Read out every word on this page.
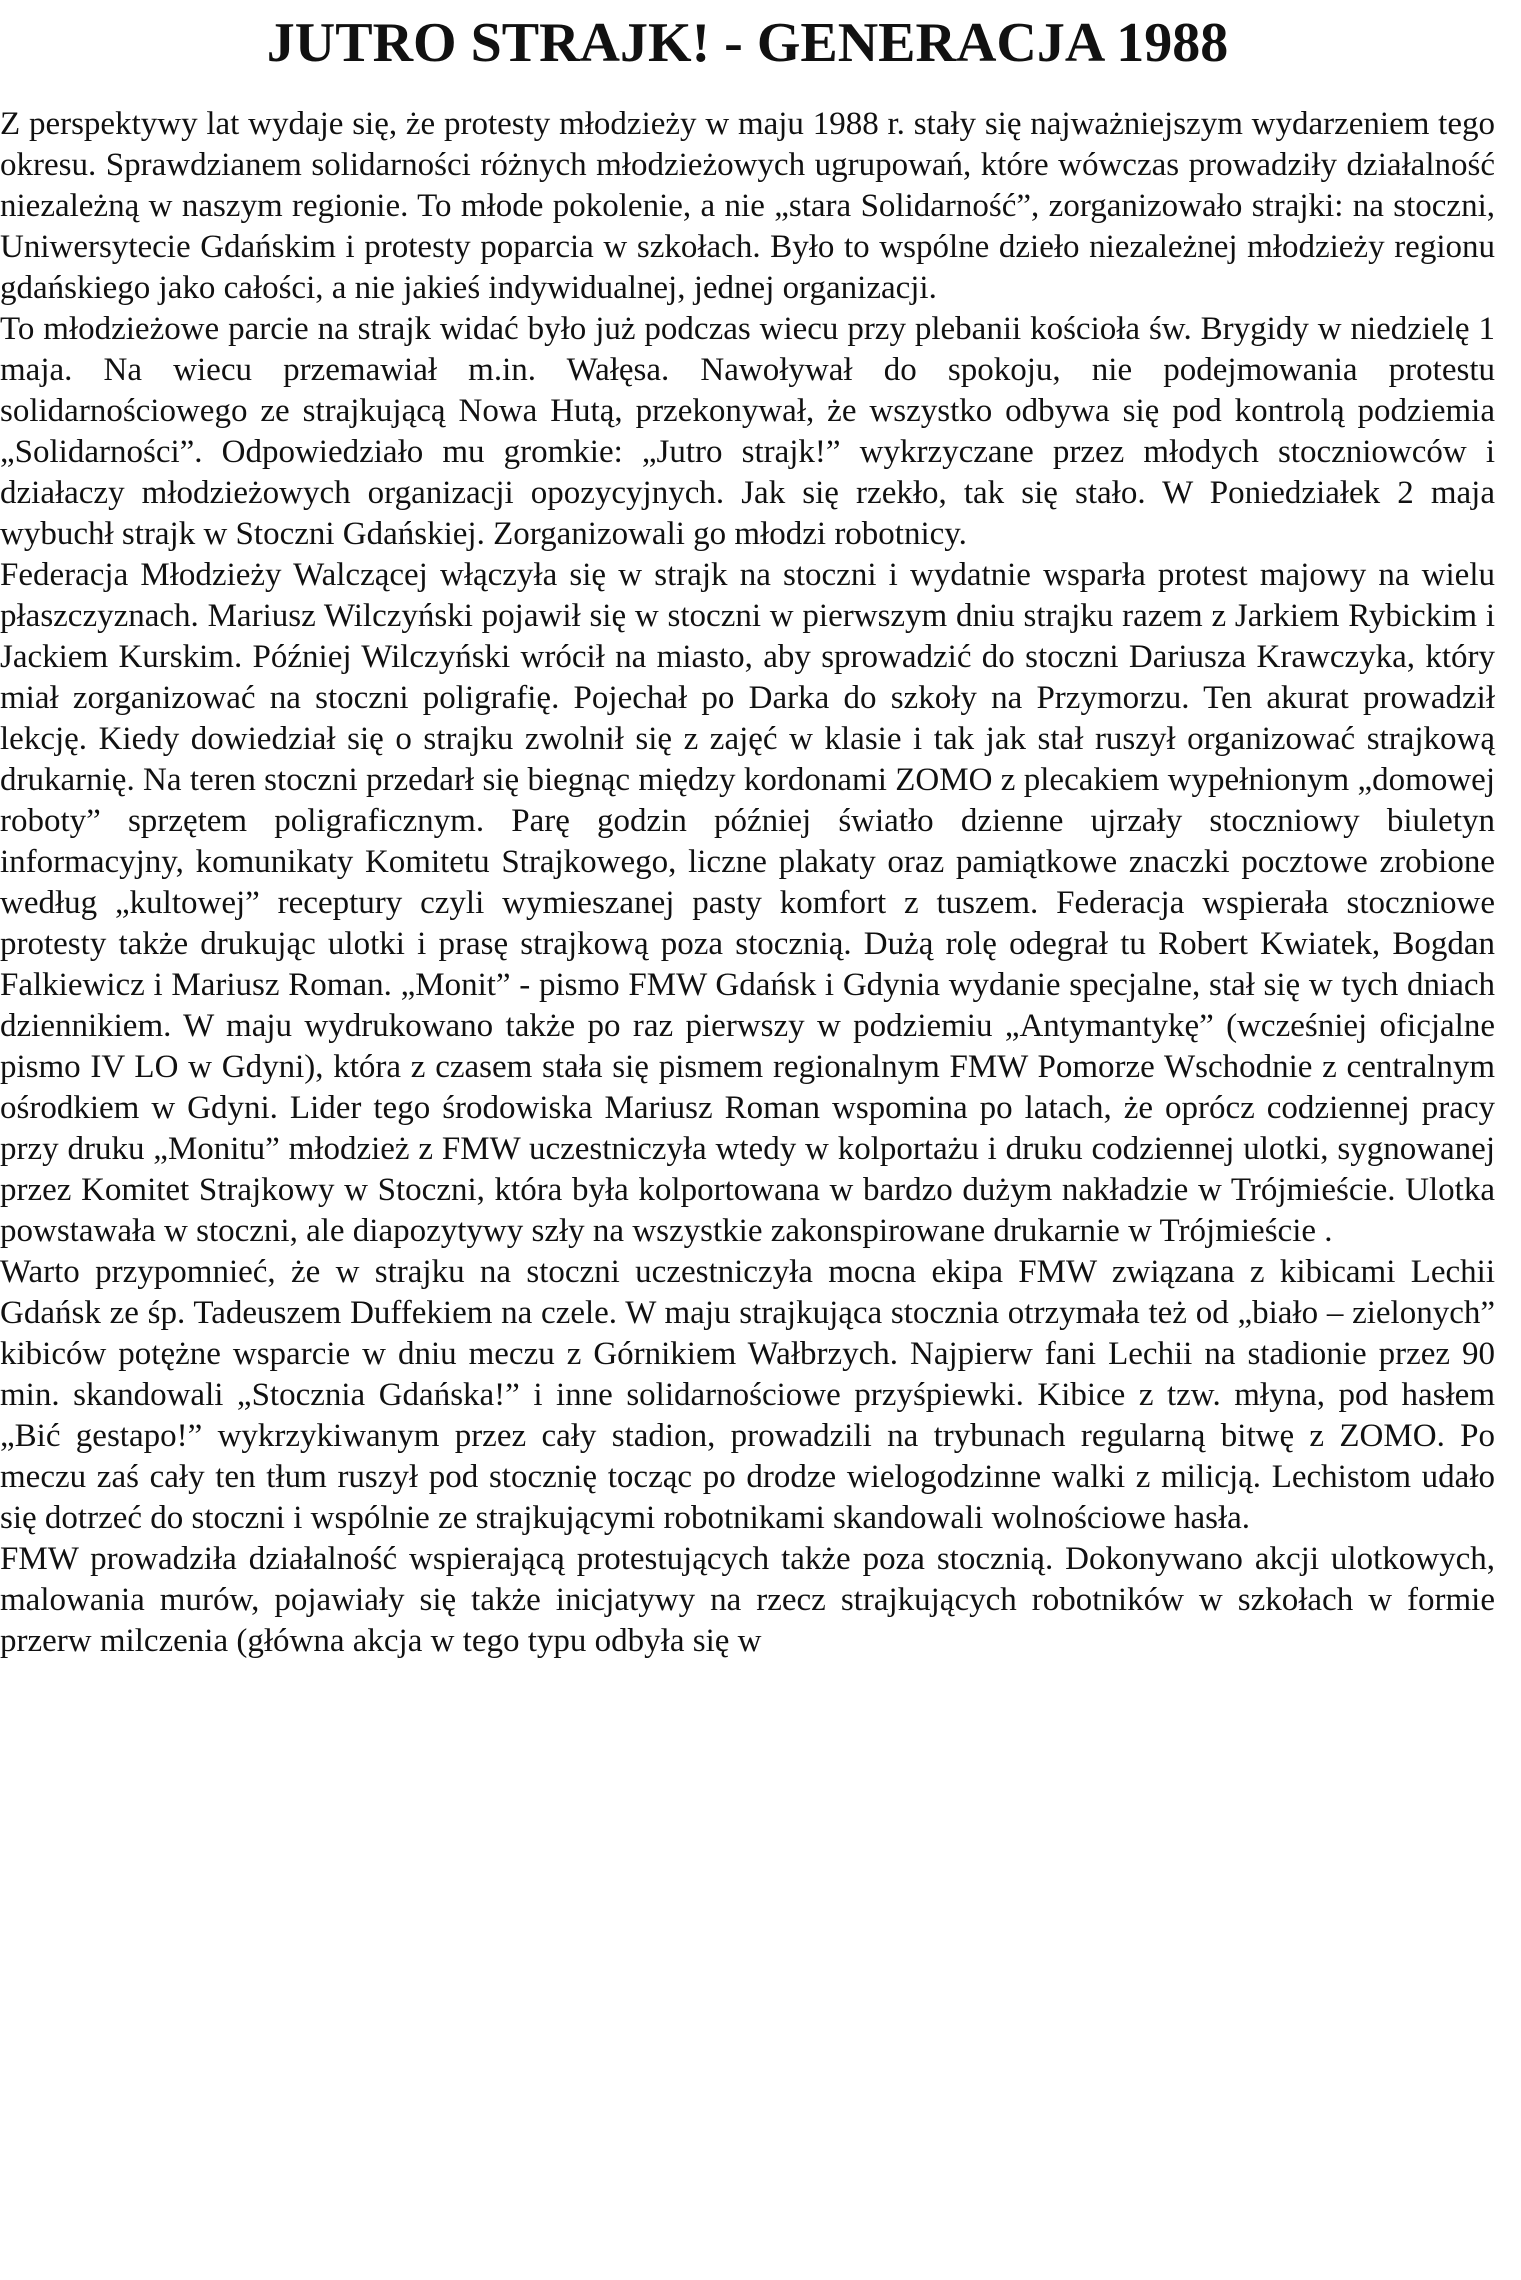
JUTRO STRAJK! - GENERACJA 1988

Z perspektywy lat wydaje się, że protesty młodzieży w maju 1988 r. stały się najważniejszym wydarzeniem tego okresu. Sprawdzianem solidarności różnych młodzieżowych ugrupowań, które wówczas prowadziły działalność niezależną w naszym regionie. To młode pokolenie, a nie „stara Solidarność”, zorganizowało strajki: na stoczni, Uniwersytecie Gdańskim i protesty poparcia w szkołach. Było to wspólne dzieło niezależnej młodzieży regionu gdańskiego jako całości, a nie jakieś indywidualnej, jednej organizacji.

To młodzieżowe parcie na strajk widać było już podczas wiecu przy plebanii kościoła św. Brygidy w niedzielę 1 maja. Na wiecu przemawiał m.in. Wałęsa. Nawoływał do spokoju, nie podejmowania protestu solidarnościowego ze strajkującą Nowa Hutą, przekonywał, że wszystko odbywa się pod kontrolą podziemia „Solidarności”. Odpowiedziało mu gromkie: „Jutro strajk!” wykrzyczane przez młodych stoczniowców i działaczy młodzieżowych organizacji opozycyjnych. Jak się rzekło, tak się stało. W Poniedziałek 2 maja wybuchł strajk w Stoczni Gdańskiej. Zorganizowali go młodzi robotnicy.

Federacja Młodzieży Walczącej włączyła się w strajk na stoczni i wydatnie wsparła protest majowy na wielu płaszczyznach. Mariusz Wilczyński pojawił się w stoczni w pierwszym dniu strajku razem z Jarkiem Rybickim i Jackiem Kurskim. Później Wilczyński wrócił na miasto, aby sprowadzić do stoczni Dariusza Krawczyka, który miał zorganizować na stoczni poligrafię. Pojechał po Darka do szkoły na Przymorzu. Ten akurat prowadził lekcję. Kiedy dowiedział się o strajku zwolnił się z zajęć w klasie i tak jak stał ruszył organizować strajkową drukarnię. Na teren stoczni przedarł się biegnąc między kordonami ZOMO z plecakiem wypełnionym „domowej roboty” sprzętem poligraficznym. Parę godzin później światło dzienne ujrzały stoczniowy biuletyn informacyjny, komunikaty Komitetu Strajkowego, liczne plakaty oraz pamiątkowe znaczki pocztowe zrobione według „kultowej” receptury czyli wymieszanej pasty komfort z tuszem. Federacja wspierała stoczniowe protesty także drukując ulotki i prasę strajkową poza stocznią. Dużą rolę odegrał tu Robert Kwiatek, Bogdan Falkiewicz i Mariusz Roman. „Monit” - pismo FMW Gdańsk i Gdynia wydanie specjalne, stał się w tych dniach dziennikiem. W maju wydrukowano także po raz pierwszy w podziemiu „Antymantykę” (wcześniej oficjalne pismo IV LO w Gdyni), która z czasem stała się pismem regionalnym FMW Pomorze Wschodnie z centralnym ośrodkiem w Gdyni. Lider tego środowiska Mariusz Roman wspomina po latach, że oprócz codziennej pracy przy druku „Monitu” młodzież z FMW uczestniczyła wtedy w kolportażu i druku codziennej ulotki, sygnowanej przez Komitet Strajkowy w Stoczni, która była kolportowana w bardzo dużym nakładzie w Trójmieście. Ulotka powstawała w stoczni, ale diapozytywy szły na wszystkie zakonspirowane drukarnie w Trójmieście .

Warto przypomnieć, że w strajku na stoczni uczestniczyła mocna ekipa FMW związana z kibicami Lechii Gdańsk ze śp. Tadeuszem Duffekiem na czele. W maju strajkująca stocznia otrzymała też od „biało – zielonych” kibiców potężne wsparcie w dniu meczu z Górnikiem Wałbrzych. Najpierw fani Lechii na stadionie przez 90 min. skandowali „Stocznia Gdańska!” i inne solidarnościowe przyśpiewki. Kibice z tzw. młyna, pod hasłem „Bić gestapo!” wykrzykiwanym przez cały stadion, prowadzili na trybunach regularną bitwę z ZOMO. Po meczu zaś cały ten tłum ruszył pod stocznię tocząc po drodze wielogodzinne walki z milicją. Lechistom udało się dotrzeć do stoczni i wspólnie ze strajkującymi robotnikami skandowali wolnościowe hasła.

FMW prowadziła działalność wspierającą protestujących także poza stocznią. Dokonywano akcji ulotkowych, malowania murów, pojawiały się także inicjatywy na rzecz strajkujących robotników w szkołach w formie przerw milczenia (główna akcja w tego typu odbyła się w
